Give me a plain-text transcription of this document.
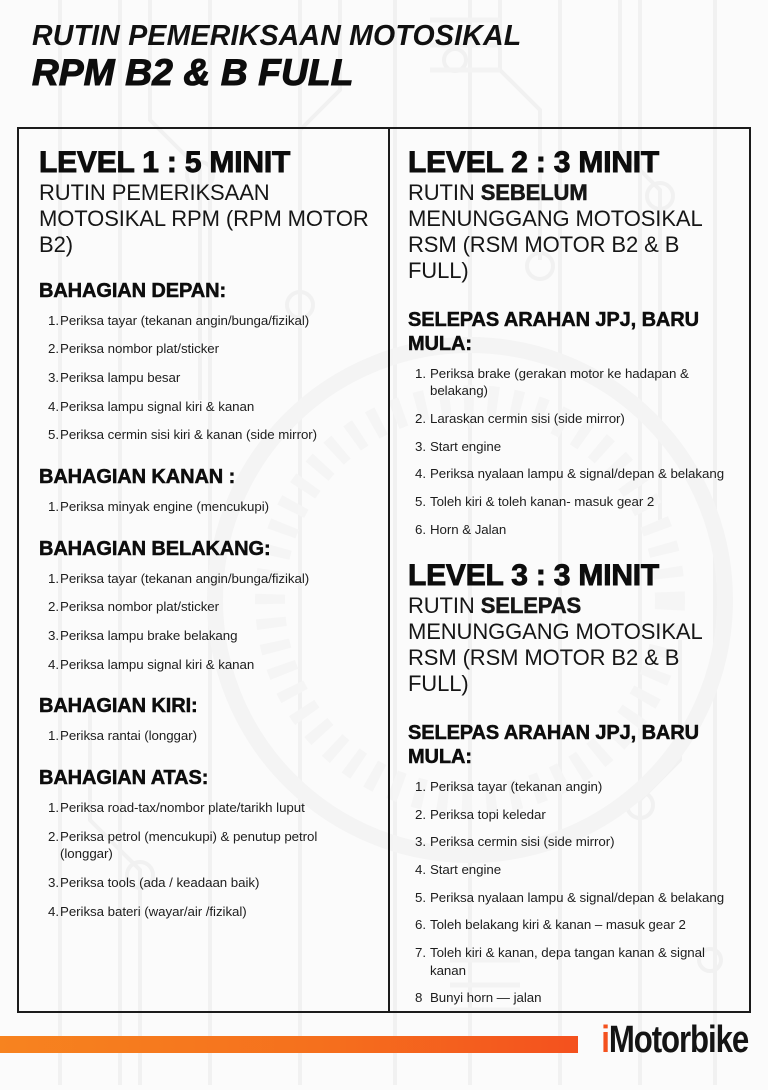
RUTIN PEMERIKSAAN MOTOSIKAL
RPM B2 & B FULL
LEVEL 1 : 5 MINIT
RUTIN PEMERIKSAAN MOTOSIKAL RPM (RPM MOTOR B2)
BAHAGIAN DEPAN:
1. Periksa tayar (tekanan angin/bunga/fizikal)
2. Periksa nombor plat/sticker
3. Periksa lampu besar
4. Periksa lampu signal kiri & kanan
5. Periksa cermin sisi kiri & kanan (side mirror)
BAHAGIAN KANAN :
1. Periksa minyak engine (mencukupi)
BAHAGIAN BELAKANG:
1. Periksa tayar (tekanan angin/bunga/fizikal)
2. Periksa nombor plat/sticker
3. Periksa lampu brake belakang
4. Periksa lampu signal kiri & kanan
BAHAGIAN KIRI:
1. Periksa rantai (longgar)
BAHAGIAN ATAS:
1. Periksa road-tax/nombor plate/tarikh luput
2. Periksa petrol (mencukupi) & penutup petrol (longgar)
3. Periksa tools (ada / keadaan baik)
4. Periksa bateri (wayar/air /fizikal)
LEVEL 2 : 3 MINIT
RUTIN SEBELUM MENUNGGANG MOTOSIKAL RSM (RSM MOTOR B2 & B FULL)
SELEPAS ARAHAN JPJ, BARU MULA:
1. Periksa brake (gerakan motor ke hadapan & belakang)
2. Laraskan cermin sisi (side mirror)
3. Start engine
4. Periksa nyalaan lampu & signal/depan & belakang
5. Toleh kiri & toleh kanan- masuk gear 2
6. Horn & Jalan
LEVEL 3 : 3 MINIT
RUTIN SELEPAS MENUNGGANG MOTOSIKAL RSM (RSM MOTOR B2 & B FULL)
SELEPAS ARAHAN JPJ, BARU MULA:
1. Periksa tayar (tekanan angin)
2. Periksa topi keledar
3. Periksa cermin sisi (side mirror)
4. Start engine
5. Periksa nyalaan lampu & signal/depan & belakang
6. Toleh belakang kiri & kanan – masuk gear 2
7. Toleh kiri & kanan, depa tangan kanan & signal kanan
8 Bunyi horn — jalan
iMotorbike
